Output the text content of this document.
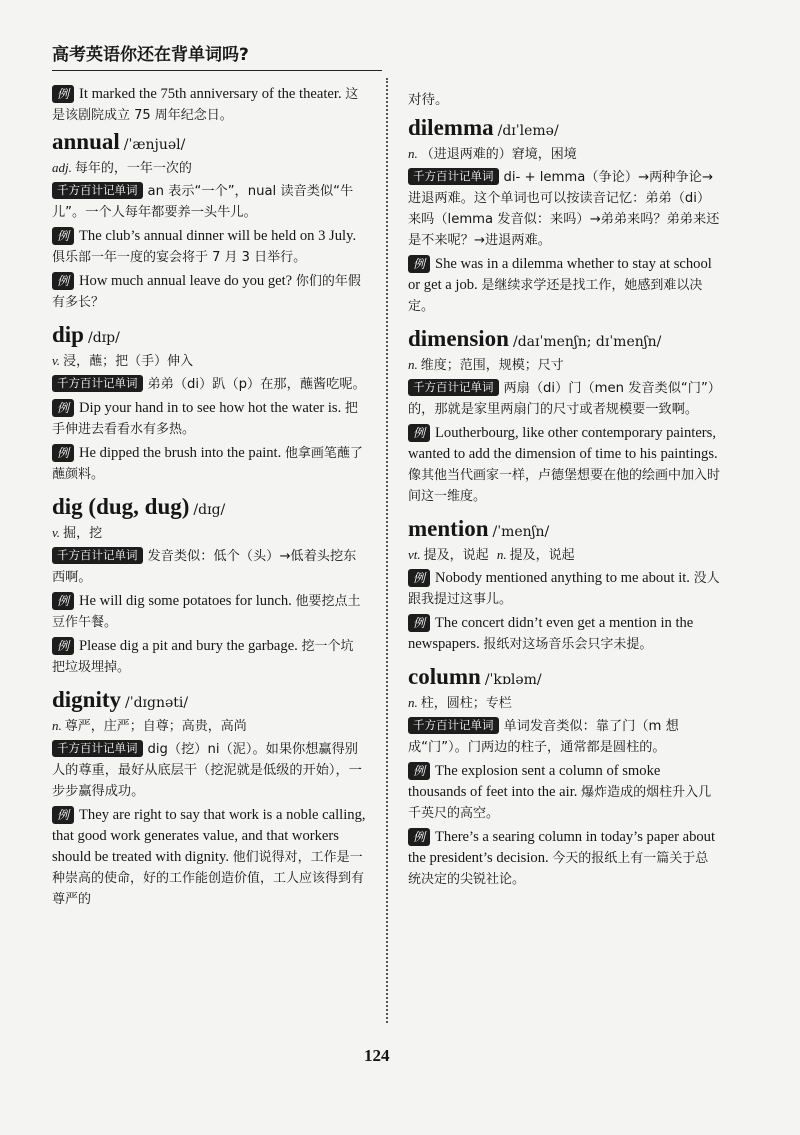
高考英语你还在背单词吗?
例 It marked the 75th anniversary of the theater. 这是该剧院成立 75 周年纪念日。
annual /ˈænjuəl/
adj. 每年的，一年一次的
千方百计记单词 an 表示“一个”，nual 读音类似“牛儿”。一个人每年都要养一头牛儿。
例 The club’s annual dinner will be held on 3 July. 俱乐部一年一度的宴会将于 7 月 3 日举行。
例 How much annual leave do you get? 你们的年假有多长？
dip /dɪp/
v. 浸，蘸；把（手）伸入
千方百计记单词 弟弟（di）趴（p）在那，蘸酱吃呢。
例 Dip your hand in to see how hot the water is. 把手伸进去看看水有多热。
例 He dipped the brush into the paint. 他拿画笔蘸了蘸颜料。
dig (dug, dug) /dɪg/
v. 掘，挖
千方百计记单词 发音类似：低个（头）→低着头挖东西啊。
例 He will dig some potatoes for lunch. 他要挖点土豆作午餐。
例 Please dig a pit and bury the garbage. 挖一个坑把垃圾埋掉。
dignity /ˈdɪgnəti/
n. 尊严，庄严；自尊；高贵，高尚
千方百计记单词 dig（挖）ni（泥）。如果你想赢得别人的尊重，最好从底层干（挖泥就是低级的开始），一步步赢得成功。
例 They are right to say that work is a noble calling, that good work generates value, and that workers should be treated with dignity. 他们说得对，工作是一种崇高的使命，好的工作能创造价值，工人应该得到有尊严的
对待。
dilemma /dɪˈlemə/
n. （进退两难的）窘境，困境
千方百计记单词 di- + lemma（争论）→两种争论→进退两难。这个单词也可以按读音记忆：弟弟（di）来吗（lemma 发音似：来吗）→弟弟来吗？弟弟来还是不来呢？→进退两难。
例 She was in a dilemma whether to stay at school or get a job. 是继续求学还是找工作，她感到难以决定。
dimension /daɪˈmenʃn; dɪˈmenʃn/
n. 维度；范围，规模；尺寸
千方百计记单词 两扇（di）门（men 发音类似“门”）的，那就是家里两扇门的尺寸或者规模要一致啊。
例 Loutherbourg, like other contemporary painters, wanted to add the dimension of time to his paintings. 像其他当代画家一样，卢德堡想要在他的绘画中加入时间这一维度。
mention /ˈmenʃn/
vt. 提及，说起 n. 提及，说起
例 Nobody mentioned anything to me about it. 没人跟我提过这事儿。
例 The concert didn’t even get a mention in the newspapers. 报纸对这场音乐会只字未提。
column /ˈkɒləm/
n. 柱，圆柱；专栏
千方百计记单词 单词发音类似：靠了门（m 想成“门”）。门两边的柱子，通常都是圆柱的。
例 The explosion sent a column of smoke thousands of feet into the air. 爆炸造成的烟柱升入几千英尺的高空。
例 There’s a searing column in today’s paper about the president’s decision. 今天的报纸上有一篇关于总统决定的尖锐社论。
124
